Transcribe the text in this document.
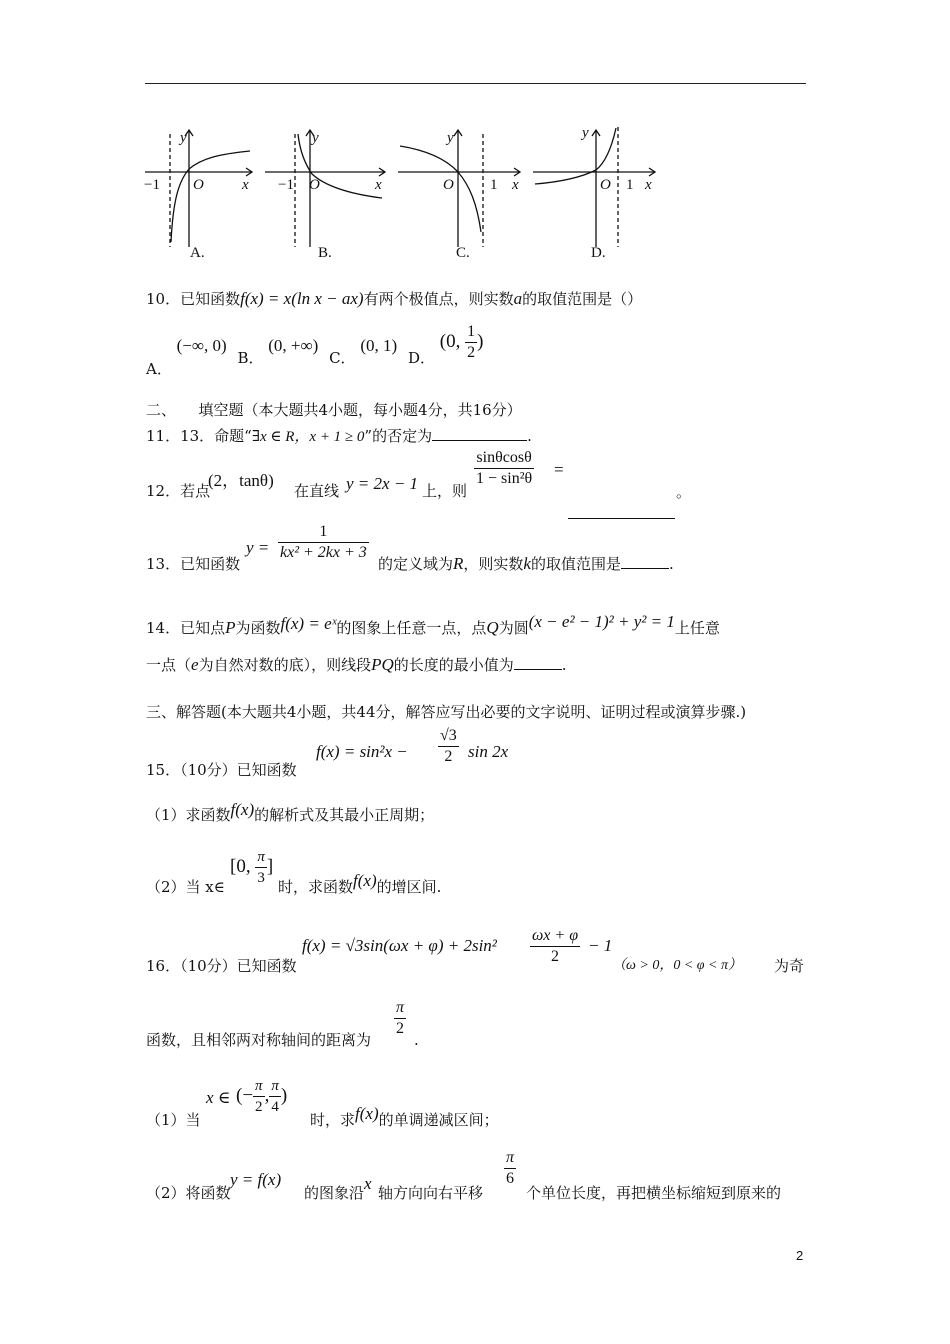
−1 O	x
y
A.
−1 O	x
y
B.
O 1 x
y
C.
O 1 x
y
D.
10．已知函数f(x) = x(ln x − ax)有两个极值点，则实数a的取值范围是（）
A． (−∞, 0) B． (0, +∞) C． (0, 1) D． (0, $\frac{1}{2}$ )
二、　　填空题（本大题共4小题，每小题4分，共16分）
11．13．命题“∃x ∈ R，x + 1 ≥ 0”的否定为	.
12．若点
(2，tanθ)
在直线 y = 2x − 1 上，则
$\frac{\sin\theta\cos\theta}{\text{1 − sin²θ}}$ =
。
13．已知函数
$y = \frac{1}{\text{kx² + 2kx + 3}}$
的定义域为R，则实数k的取值范围是	.
14．已知点P为函数f(x) = eˣ的图象上任意一点，点Q为圆(x − e² − 1)² + y² = 1上任意
一点（e为自然对数的底），则线段PQ的长度的最小值为	.
三、解答题(本大题共4小题，共44分，解答应写出必要的文字说明、证明过程或演算步骤.)
15．（10分）已知函数
$f(x) = \sin^2x - \frac{√3}{2}$ sin 2x
（1）求函数f(x)的解析式及其最小正周期；
（2）当 x∈
[0, $\frac{\pi}{3}$ ]
时，求函数f(x)的增区间.
16．（10分）已知函数
$f(x) = √3\sin(\omega x + \varphi) + 2\sin^2 \frac{\omega x + \varphi}{2} - 1$
（ω > 0，0 < φ < π） 为奇
函数，且相邻两对称轴间的距离为
$\frac{\pi}{2}$
.
（1）当
x ∈ (− $\frac{\pi}{2}$ , $\frac{\pi}{4}$ )
时，求f(x)的单调递减区间；
（2）将函数
y = f(x)
的图象沿 x 轴方向向右平移
$\frac{\pi}{6}$
个单位长度，再把横坐标缩短到原来的
2
